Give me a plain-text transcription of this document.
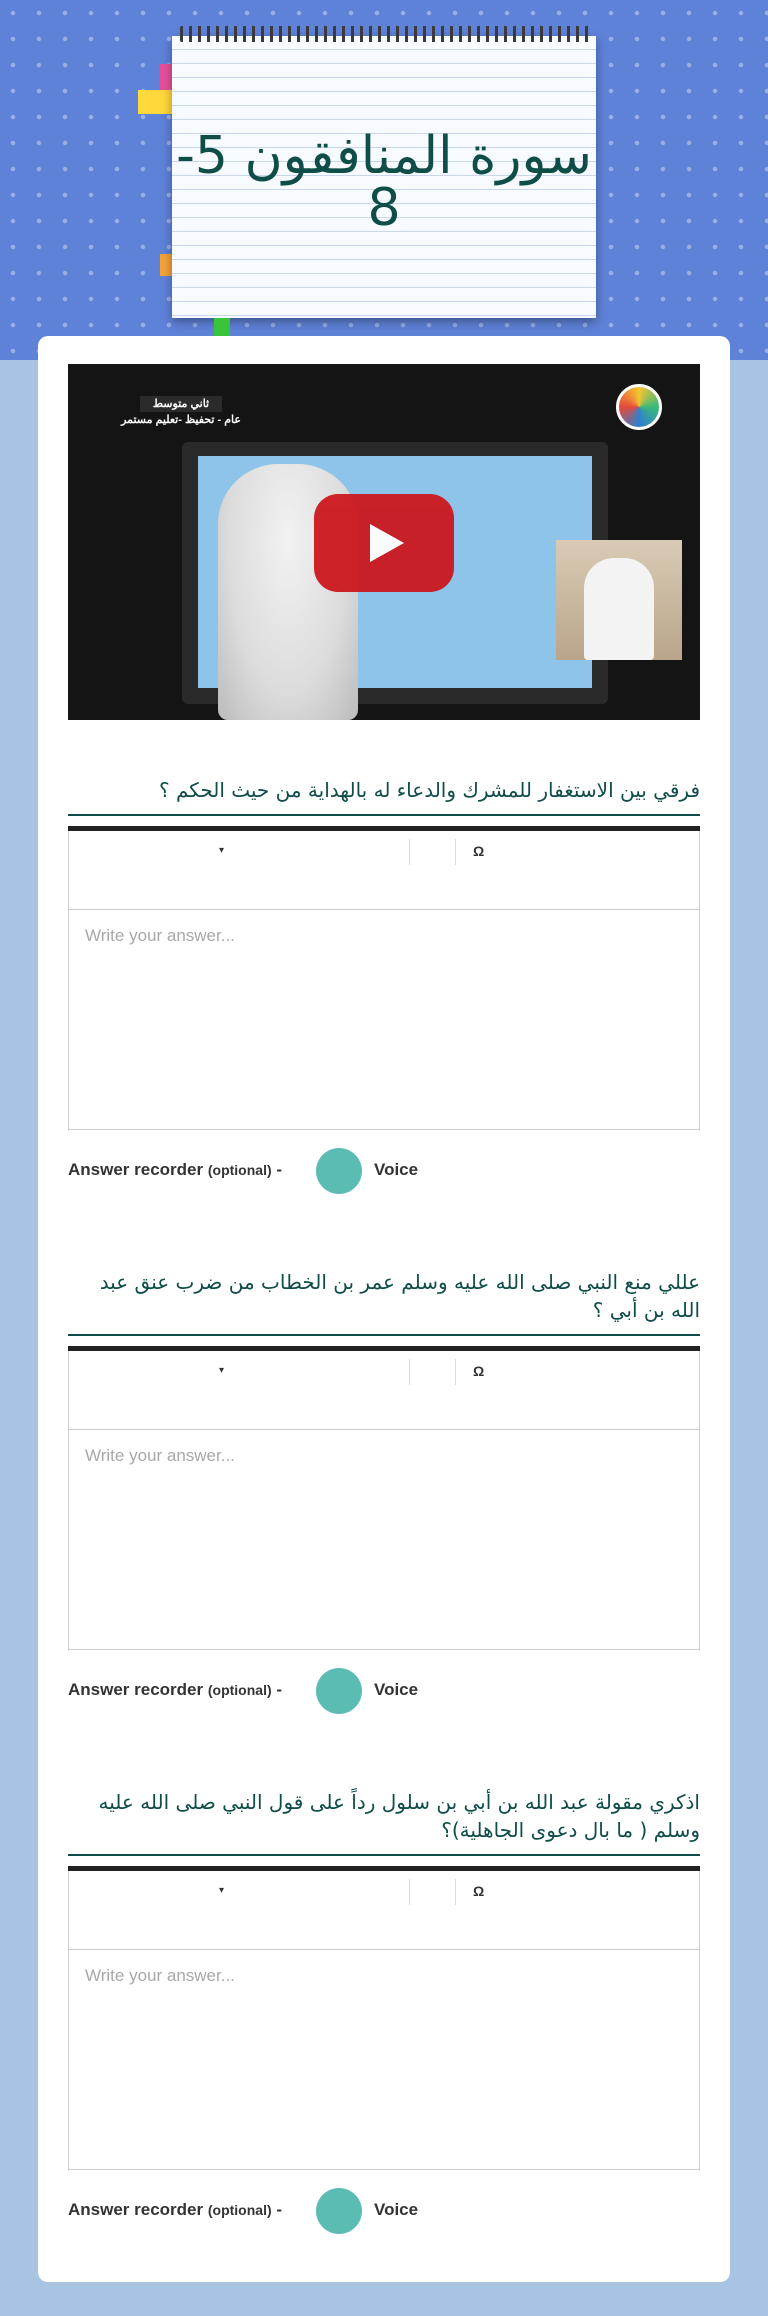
سورة المنافقون 5-8
ثاني متوسط
عام - تحفيظ -تعليم مستمر
فرقي بين الاستغفار للمشرك والدعاء له بالهداية من حيث الحكم ؟
▾	Ω
Write your answer...
Answer recorder (optional) -	Voice
عللي منع النبي صلى الله عليه وسلم عمر بن الخطاب من ضرب عنق عبد الله بن أبي ؟
▾	Ω
Write your answer...
Answer recorder (optional) -	Voice
اذكري مقولة عبد الله بن أبي بن سلول رداً على قول النبي صلى الله عليه وسلم ( ما بال دعوى الجاهلية)؟
▾	Ω
Write your answer...
Answer recorder (optional) -	Voice
